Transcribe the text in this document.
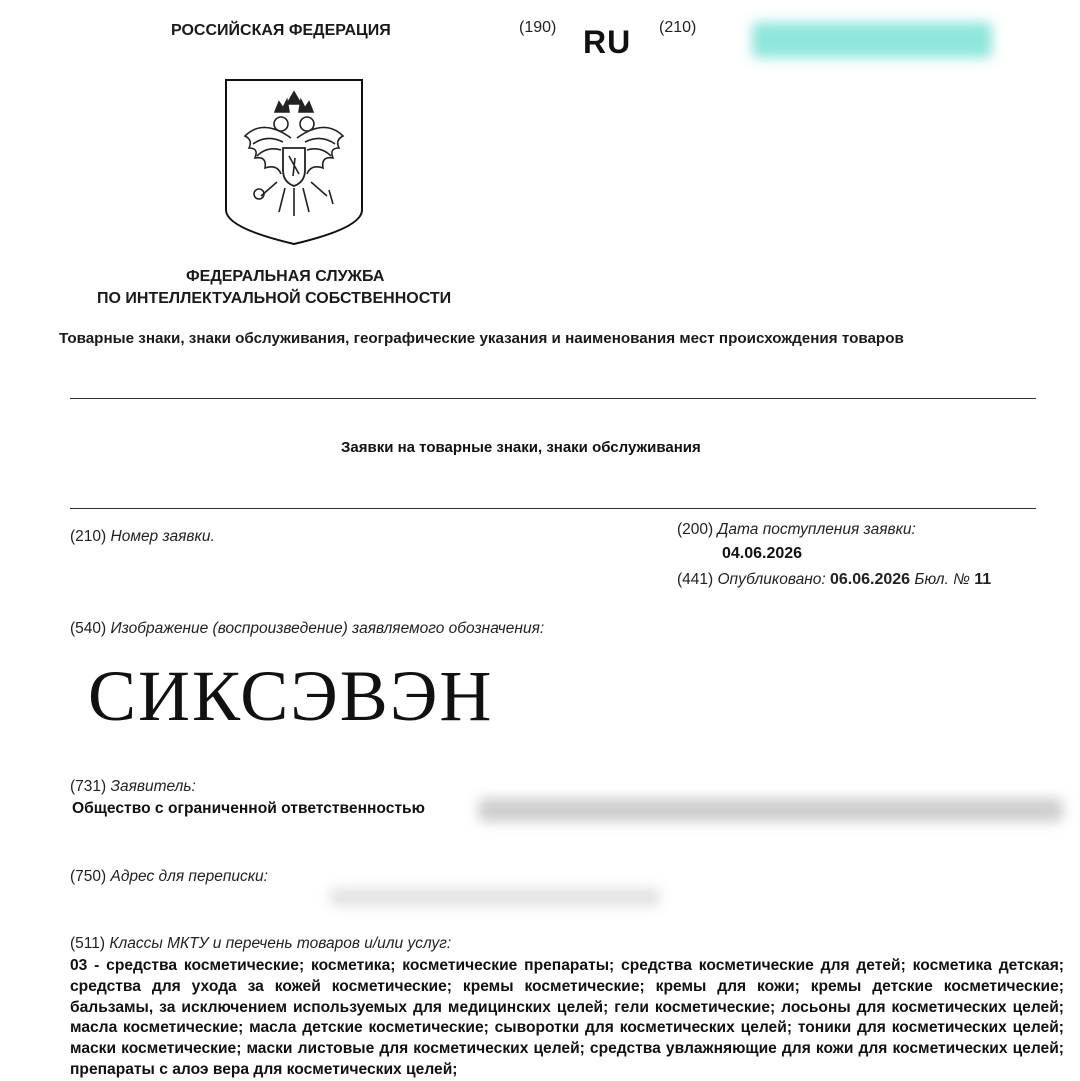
РОССИЙСКАЯ ФЕДЕРАЦИЯ	(190) RU (210)
ФЕДЕРАЛЬНАЯ СЛУЖБА
ПО ИНТЕЛЛЕКТУАЛЬНОЙ СОБСТВЕННОСТИ
Товарные знаки, знаки обслуживания, географические указания и наименования мест происхождения товаров
Заявки на товарные знаки, знаки обслуживания
(210) Номер заявки.	(200) Дата поступления заявки:
04.06.2026
(441) Опубликовано: 06.06.2026 Бюл. № 11
(540) Изображение (воспроизведение) заявляемого обозначения:
СИКСЭВЭН
(731) Заявитель:
Общество с ограниченной ответственностью
(750) Адрес для переписки:
(511) Классы МКТУ и перечень товаров и/или услуг:
03 - средства косметические; косметика; косметические препараты; средства косметические для детей; косметика детская; средства для ухода за кожей косметические; кремы косметические; кремы для кожи; кремы детские косметические; бальзамы, за исключением используемых для медицинских целей; гели косметические; лосьоны для косметических целей; масла косметические; масла детские косметические; сыворотки для косметических целей; тоники для косметических целей; маски косметические; маски листовые для косметических целей; средства увлажняющие для кожи для косметических целей; препараты с алоэ вера для косметических целей;
